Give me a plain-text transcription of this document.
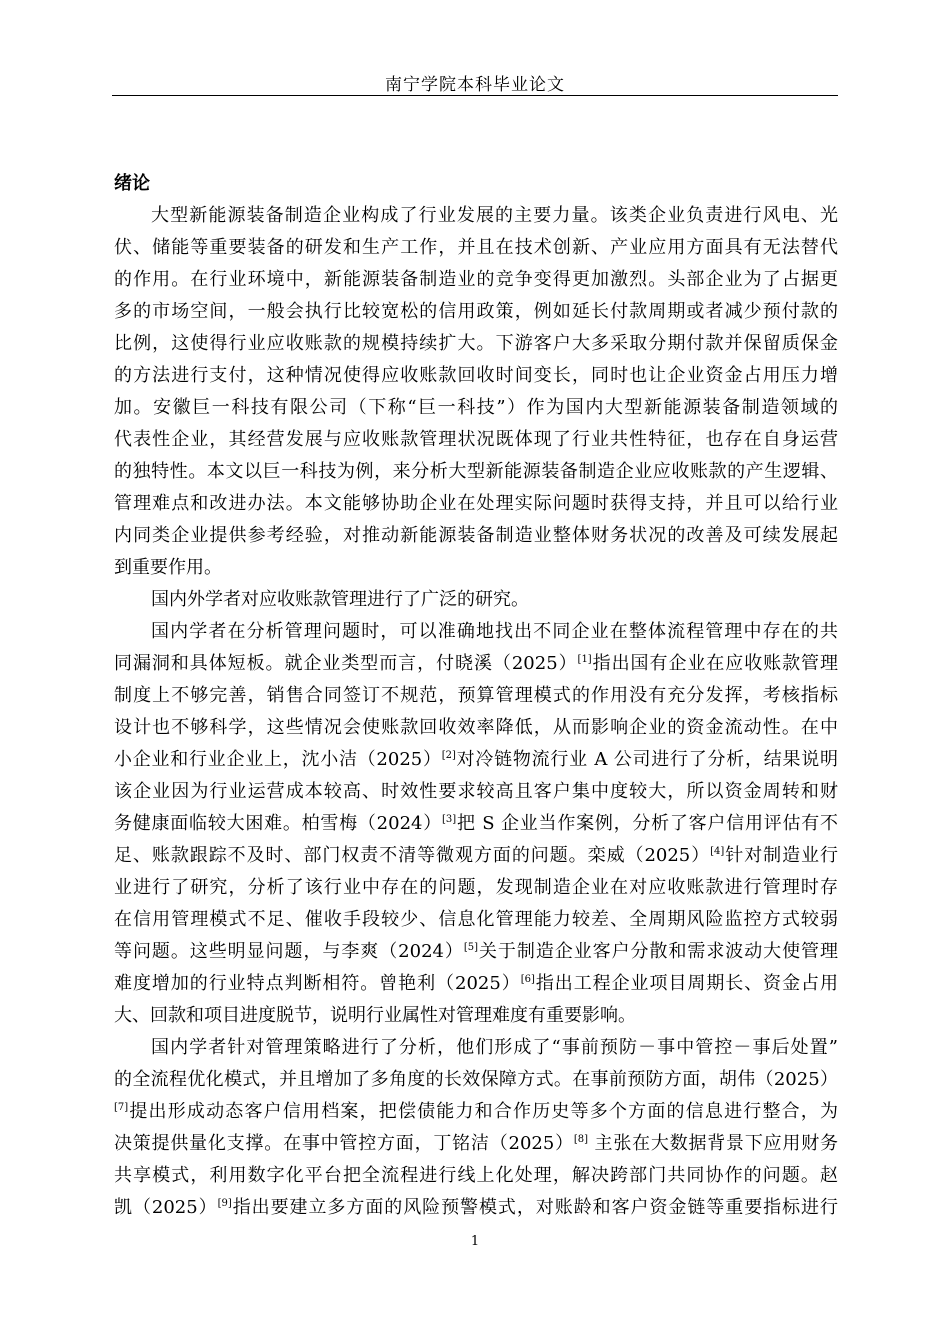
南宁学院本科毕业论文
绪论
大型新能源装备制造企业构成了行业发展的主要力量。该类企业负责进行风电、光
伏、储能等重要装备的研发和生产工作，并且在技术创新、产业应用方面具有无法替代
的作用。在行业环境中，新能源装备制造业的竞争变得更加激烈。头部企业为了占据更
多的市场空间，一般会执行比较宽松的信用政策，例如延长付款周期或者减少预付款的
比例，这使得行业应收账款的规模持续扩大。下游客户大多采取分期付款并保留质保金
的方法进行支付，这种情况使得应收账款回收时间变长，同时也让企业资金占用压力增
加。安徽巨一科技有限公司（下称“巨一科技”）作为国内大型新能源装备制造领域的
代表性企业，其经营发展与应收账款管理状况既体现了行业共性特征，也存在自身运营
的独特性。本文以巨一科技为例，来分析大型新能源装备制造企业应收账款的产生逻辑、
管理难点和改进办法。本文能够协助企业在处理实际问题时获得支持，并且可以给行业
内同类企业提供参考经验，对推动新能源装备制造业整体财务状况的改善及可续发展起
到重要作用。
国内外学者对应收账款管理进行了广泛的研究。
国内学者在分析管理问题时，可以准确地找出不同企业在整体流程管理中存在的共
同漏洞和具体短板。就企业类型而言，付晓溪（2025）[1]指出国有企业在应收账款管理
制度上不够完善，销售合同签订不规范，预算管理模式的作用没有充分发挥，考核指标
设计也不够科学，这些情况会使账款回收效率降低，从而影响企业的资金流动性。在中
小企业和行业企业上，沈小洁（2025）[2]对冷链物流行业 A 公司进行了分析，结果说明
该企业因为行业运营成本较高、时效性要求较高且客户集中度较大，所以资金周转和财
务健康面临较大困难。柏雪梅（2024）[3]把 S 企业当作案例，分析了客户信用评估有不
足、账款跟踪不及时、部门权责不清等微观方面的问题。栾威（2025）[4]针对制造业行
业进行了研究，分析了该行业中存在的问题，发现制造企业在对应收账款进行管理时存
在信用管理模式不足、催收手段较少、信息化管理能力较差、全周期风险监控方式较弱
等问题。这些明显问题，与李爽（2024）[5]关于制造企业客户分散和需求波动大使管理
难度增加的行业特点判断相符。曾艳利（2025）[6]指出工程企业项目周期长、资金占用
大、回款和项目进度脱节，说明行业属性对管理难度有重要影响。
国内学者针对管理策略进行了分析，他们形成了“事前预防－事中管控－事后处置”
的全流程优化模式，并且增加了多角度的长效保障方式。在事前预防方面，胡伟（2025）
[7]提出形成动态客户信用档案，把偿债能力和合作历史等多个方面的信息进行整合，为
决策提供量化支撑。在事中管控方面，丁铭洁（2025）[8] 主张在大数据背景下应用财务
共享模式，利用数字化平台把全流程进行线上化处理，解决跨部门共同协作的问题。赵
凯（2025）[9]指出要建立多方面的风险预警模式，对账龄和客户资金链等重要指标进行
1
